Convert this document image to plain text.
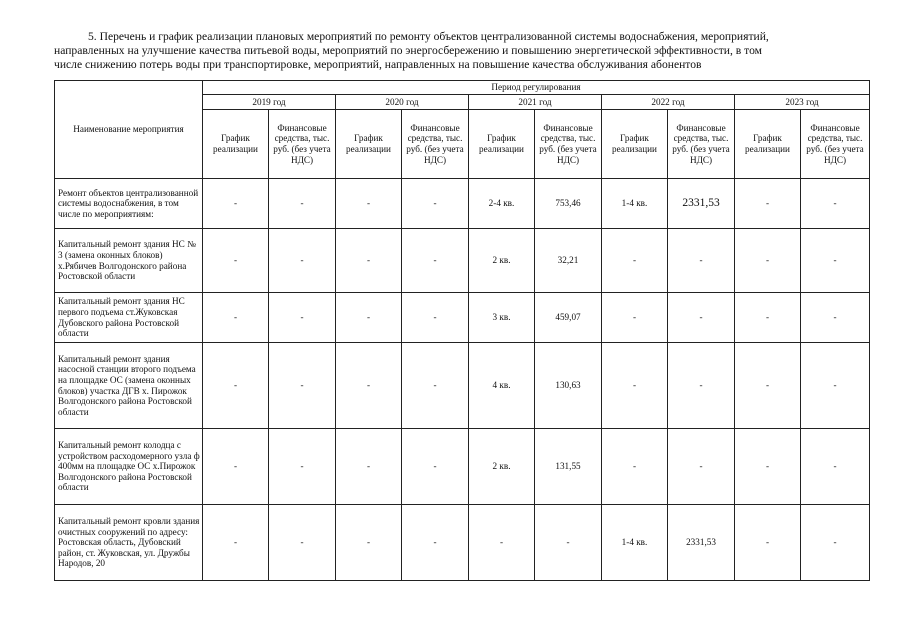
5. Перечень и график реализации плановых мероприятий по ремонту объектов централизованной системы водоснабжения, мероприятий,
направленных на улучшение качества питьевой воды, мероприятий по энергосбережению и повышению энергетической эффективности, в том
числе снижению потерь воды при транспортировке, мероприятий, направленных на повышение качества обслуживания абонентов
Наименование мероприятия	Период регулирования									
	2019 год		2020 год		2021 год		2022 год		2023 год	
	График реализации	Финансовые средства, тыс. руб. (без учета НДС)	График реализации	Финансовые средства, тыс. руб. (без учета НДС)	График реализации	Финансовые средства, тыс. руб. (без учета НДС)	График реализации	Финансовые средства, тыс. руб. (без учета НДС)	График реализации	Финансовые средства, тыс. руб. (без учета НДС)
Ремонт объектов централизованной системы водоснабжения, в том числе по мероприятиям:	-	-	-	-	2-4 кв.	753,46	1-4 кв.	2331,53	-	-
Капитальный ремонт здания НС № 3 (замена оконных блоков) х.Рябичев Волгодонского района Ростовской области	-	-	-	-	2 кв.	32,21	-	-	-	-
Капитальный ремонт здания НС первого подъема ст.Жуковская Дубовского района Ростовской области	-	-	-	-	3 кв.	459,07	-	-	-	-
Капитальный ремонт здания насосной станции второго подъема на площадке ОС (замена оконных блоков) участка ДГВ х. Пирожок Волгодонского района Ростовской области	-	-	-	-	4 кв.	130,63	-	-	-	-
Капитальный ремонт колодца с устройством расходомерного узла ф 400мм на площадке ОС х.Пирожок Волгодонского района Ростовской области	-	-	-	-	2 кв.	131,55	-	-	-	-
Капитальный ремонт кровли здания очистных сооружений по адресу: Ростовская область, Дубовский район, ст. Жуковская, ул. Дружбы Народов, 20	-	-	-	-	-	-	1-4 кв.	2331,53	-	-
